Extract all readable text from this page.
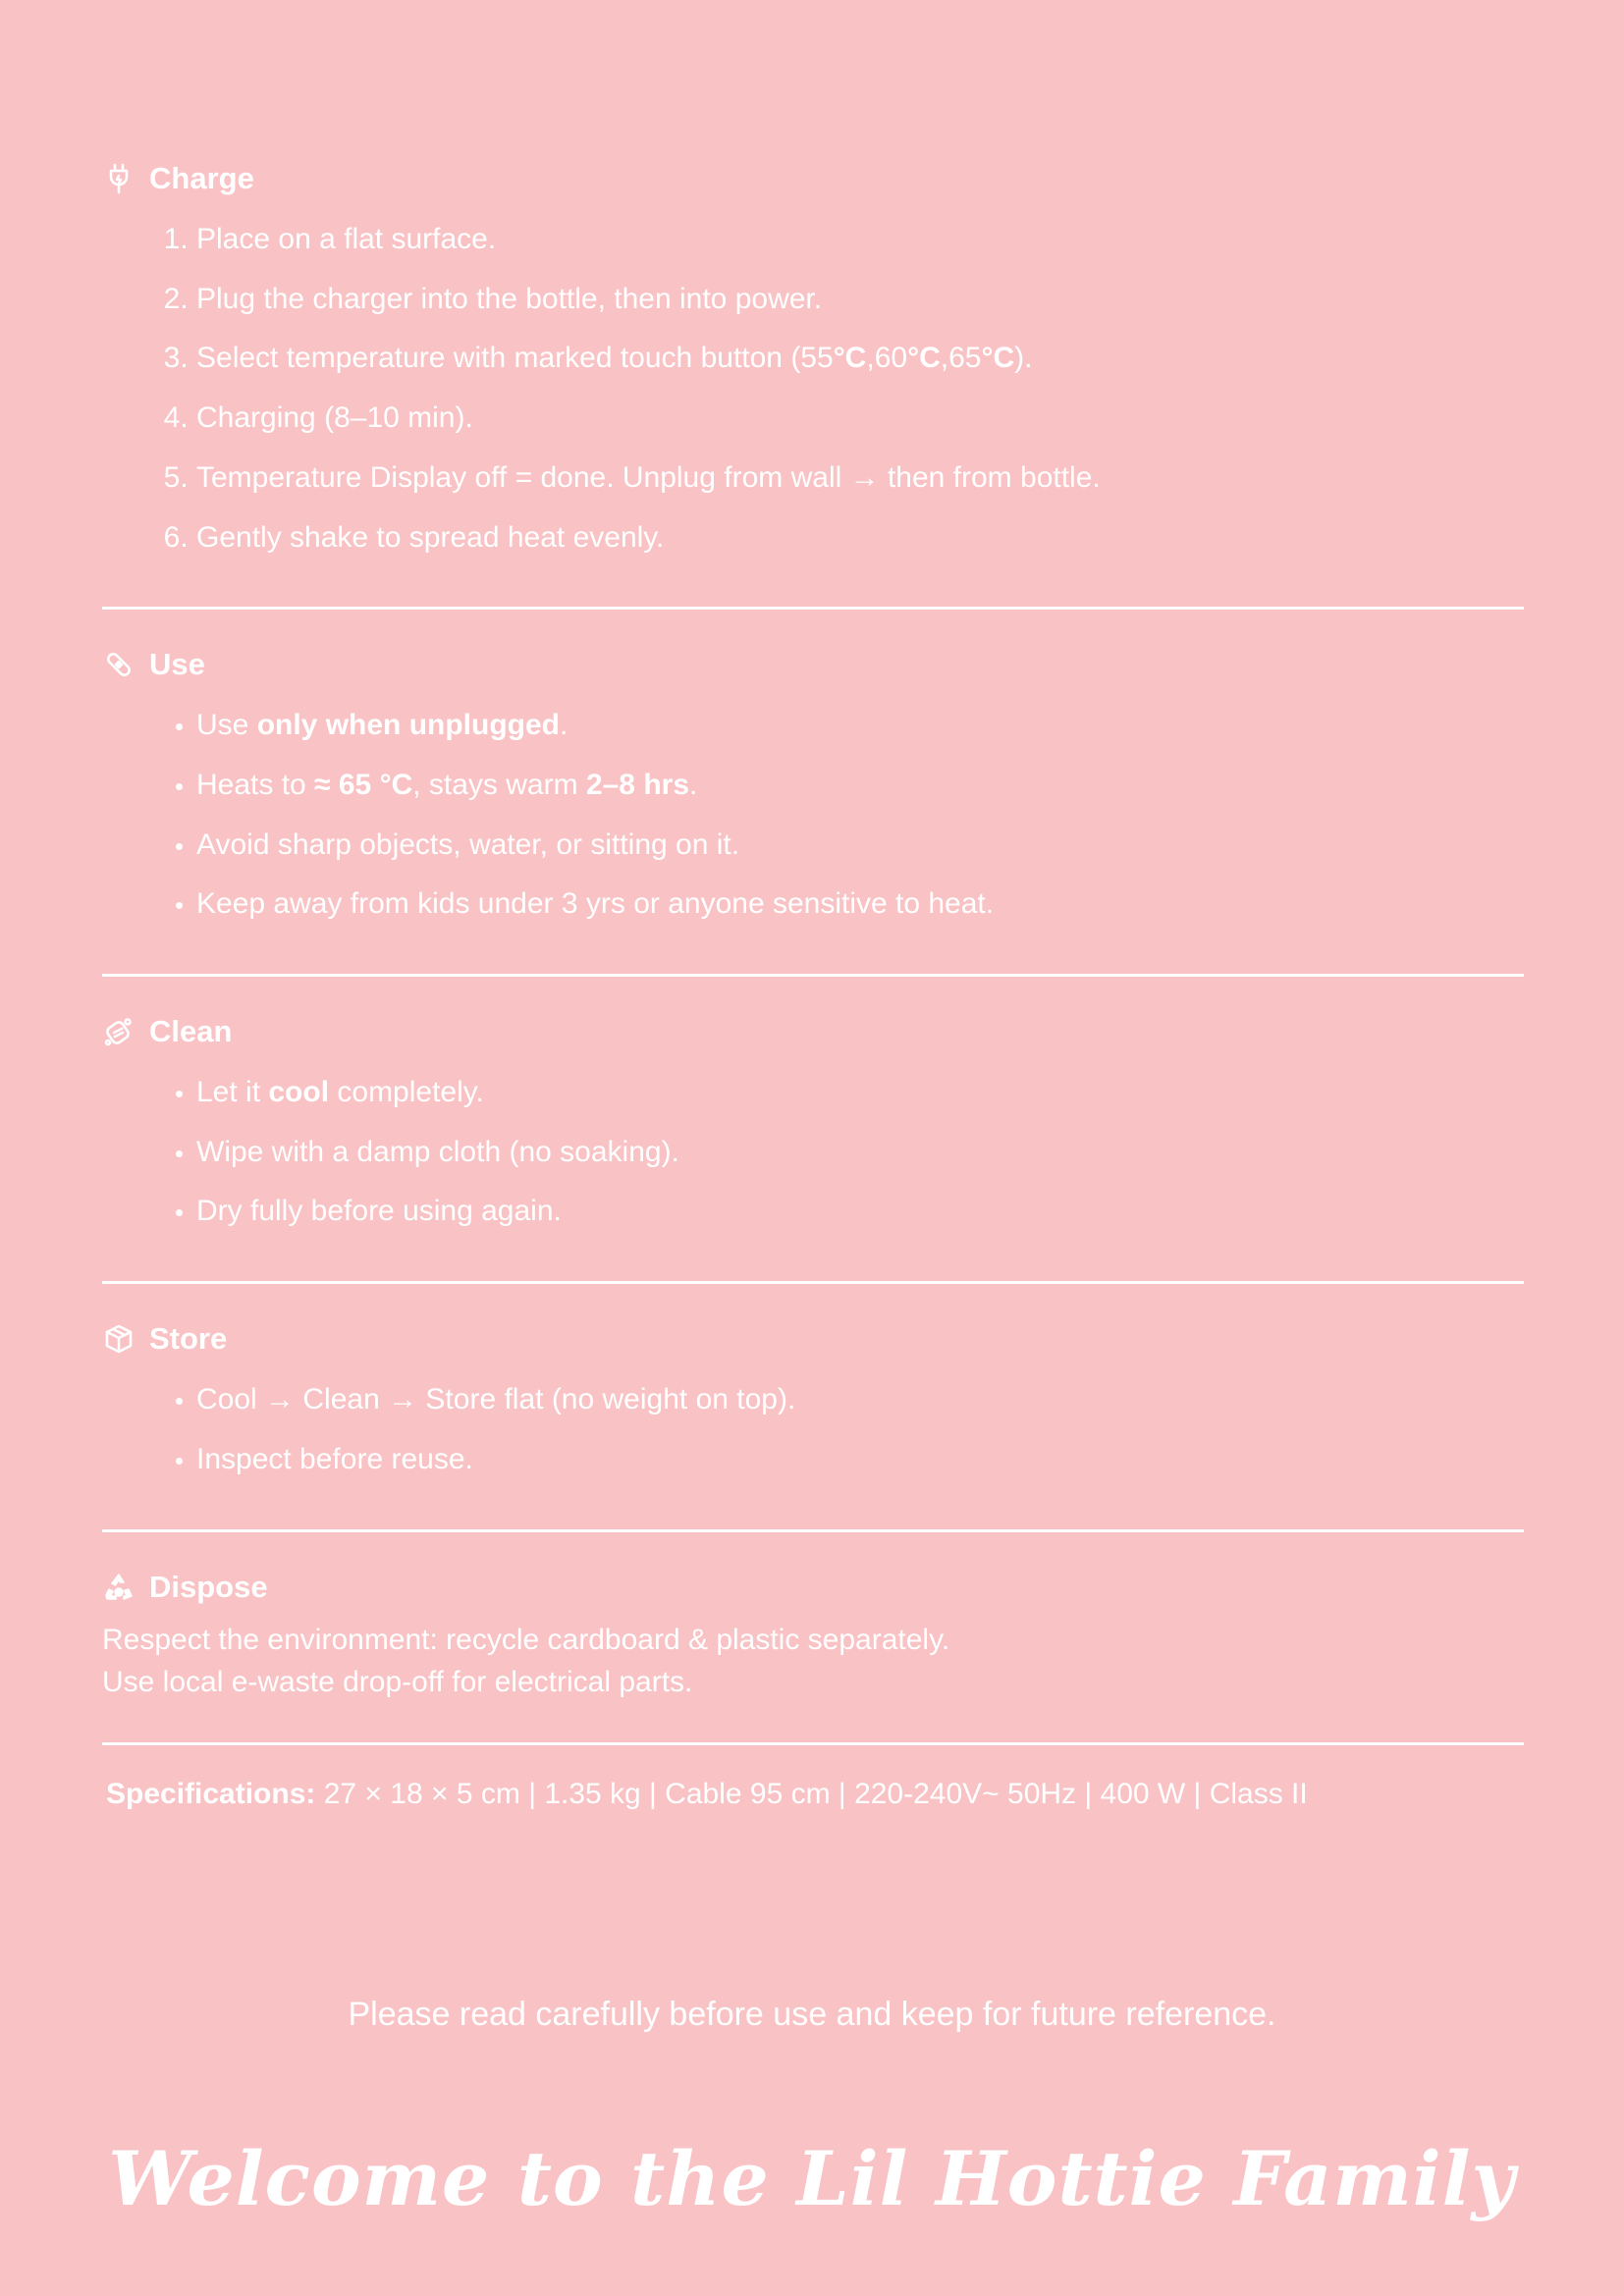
Charge
1. Place on a flat surface.
2. Plug the charger into the bottle, then into power.
3. Select temperature with marked touch button (55°C,60°C,65°C).
4. Charging (8–10 min).
5. Temperature Display off = done. Unplug from wall → then from bottle.
6. Gently shake to spread heat evenly.
Use
• Use only when unplugged.
• Heats to ≈ 65 °C, stays warm 2–8 hrs.
• Avoid sharp objects, water, or sitting on it.
• Keep away from kids under 3 yrs or anyone sensitive to heat.
Clean
• Let it cool completely.
• Wipe with a damp cloth (no soaking).
• Dry fully before using again.
Store
• Cool → Clean → Store flat (no weight on top).
• Inspect before reuse.
Dispose
Respect the environment: recycle cardboard & plastic separately.
Use local e-waste drop-off for electrical parts.
Specifications: 27 × 18 × 5 cm | 1.35 kg | Cable 95 cm | 220-240V~ 50Hz | 400 W | Class II
Please read carefully before use and keep for future reference.
Welcome to the Lil Hottie Family
